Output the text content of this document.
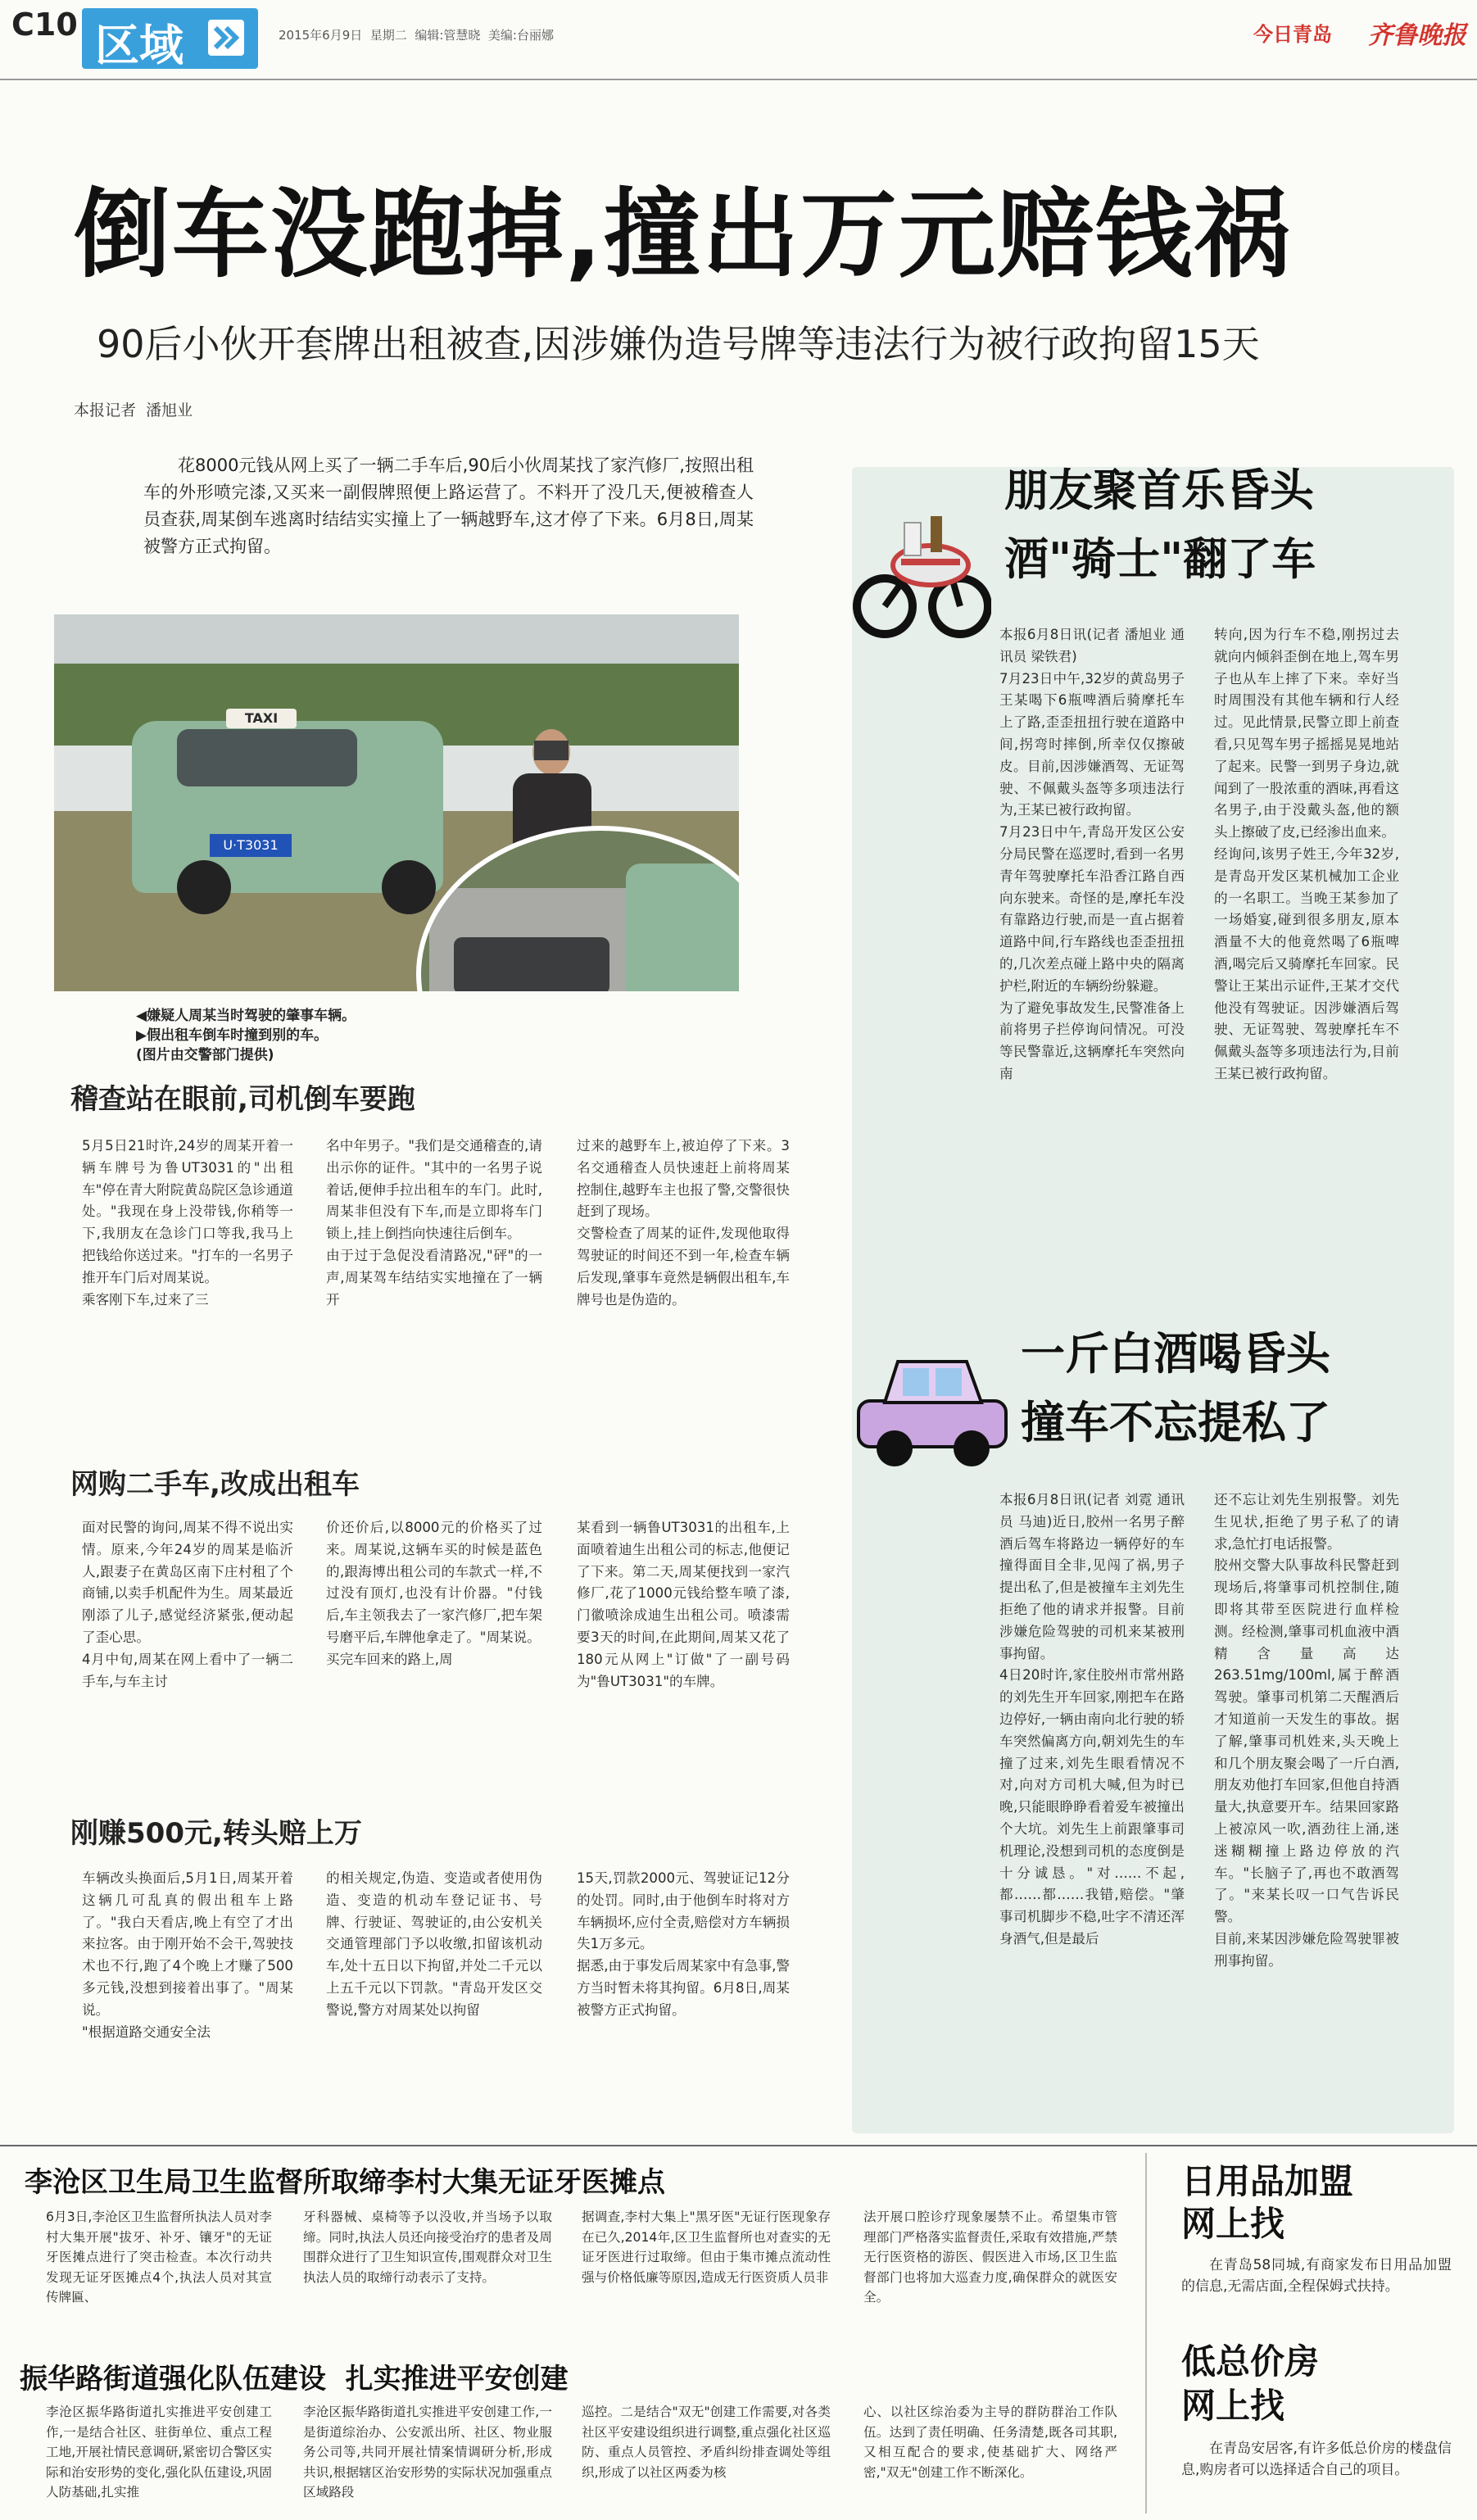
C10 区域	2015年6月9日  星期二  编辑:管慧晓  美编:台丽娜	今日青岛 齐鲁晚报
倒车没跑掉,撞出万元赔钱祸
90后小伙开套牌出租被查,因涉嫌伪造号牌等违法行为被行政拘留15天
本报记者  潘旭业

花8000元钱从网上买了一辆二手车后,90后小伙周某找了家汽修厂,按照出租车的外形喷完漆,又买来一副假牌照便上路运营了。不料开了没几天,便被稽查人员查获,周某倒车逃离时结结实实撞上了一辆越野车,这才停了下来。6月8日,周某被警方正式拘留。

TAXI
U·T3031
◀嫌疑人周某当时驾驶的肇事车辆。
▶假出租车倒车时撞到别的车。
(图片由交警部门提供)
稽查站在眼前,司机倒车要跑
5月5日21时许,24岁的周某开着一辆车牌号为鲁UT3031的"出租车"停在青大附院黄岛院区急诊通道处。"我现在身上没带钱,你稍等一下,我朋友在急诊门口等我,我马上把钱给你送过来。"打车的一名男子推开车门后对周某说。
乘客刚下车,过来了三
名中年男子。"我们是交通稽查的,请出示你的证件。"其中的一名男子说着话,便伸手拉出租车的车门。此时,周某非但没有下车,而是立即将车门锁上,挂上倒挡向快速往后倒车。
由于过于急促没看清路况,"砰"的一声,周某驾车结结实实地撞在了一辆开
过来的越野车上,被迫停了下来。3名交通稽查人员快速赶上前将周某控制住,越野车主也报了警,交警很快赶到了现场。
交警检查了周某的证件,发现他取得驾驶证的时间还不到一年,检查车辆后发现,肇事车竟然是辆假出租车,车牌号也是伪造的。
网购二手车,改成出租车
面对民警的询问,周某不得不说出实情。原来,今年24岁的周某是临沂人,跟妻子在黄岛区南下庄村租了个商铺,以卖手机配件为生。周某最近刚添了儿子,感觉经济紧张,便动起了歪心思。
4月中旬,周某在网上看中了一辆二手车,与车主讨
价还价后,以8000元的价格买了过来。周某说,这辆车买的时候是蓝色的,跟海博出租公司的车款式一样,不过没有顶灯,也没有计价器。"付钱后,车主领我去了一家汽修厂,把车架号磨平后,车牌他拿走了。"周某说。
买完车回来的路上,周
某看到一辆鲁UT3031的出租车,上面喷着迪生出租公司的标志,他便记了下来。第二天,周某便找到一家汽修厂,花了1000元钱给整车喷了漆,门徽喷涂成迪生出租公司。喷漆需要3天的时间,在此期间,周某又花了180元从网上"订做"了一副号码为"鲁UT3031"的车牌。
刚赚500元,转头赔上万
车辆改头换面后,5月1日,周某开着这辆几可乱真的假出租车上路了。"我白天看店,晚上有空了才出来拉客。由于刚开始不会干,驾驶技术也不行,跑了4个晚上才赚了500多元钱,没想到接着出事了。"周某说。
"根据道路交通安全法
的相关规定,伪造、变造或者使用伪造、变造的机动车登记证书、号牌、行驶证、驾驶证的,由公安机关交通管理部门予以收缴,扣留该机动车,处十五日以下拘留,并处二千元以上五千元以下罚款。"青岛开发区交警说,警方对周某处以拘留
15天,罚款2000元、驾驶证记12分的处罚。同时,由于他倒车时将对方车辆损坏,应付全责,赔偿对方车辆损失1万多元。
据悉,由于事发后周某家中有急事,警方当时暂未将其拘留。6月8日,周某被警方正式拘留。
朋友聚首乐昏头
酒"骑士"翻了车
本报6月8日讯(记者 潘旭业 通讯员 梁铁君)
7月23日中午,32岁的黄岛男子王某喝下6瓶啤酒后骑摩托车上了路,歪歪扭扭行驶在道路中间,拐弯时摔倒,所幸仅仅擦破皮。目前,因涉嫌酒驾、无证驾驶、不佩戴头盔等多项违法行为,王某已被行政拘留。
7月23日中午,青岛开发区公安分局民警在巡逻时,看到一名男青年驾驶摩托车沿香江路自西向东驶来。奇怪的是,摩托车没有靠路边行驶,而是一直占据着道路中间,行车路线也歪歪扭扭的,几次差点碰上路中央的隔离护栏,附近的车辆纷纷躲避。
为了避免事故发生,民警准备上前将男子拦停询问情况。可没等民警靠近,这辆摩托车突然向南
转向,因为行车不稳,刚拐过去就向内倾斜歪倒在地上,驾车男子也从车上摔了下来。幸好当时周围没有其他车辆和行人经过。见此情景,民警立即上前查看,只见驾车男子摇摇晃晃地站了起来。民警一到男子身边,就闻到了一股浓重的酒味,再看这名男子,由于没戴头盔,他的额头上擦破了皮,已经渗出血来。
经询问,该男子姓王,今年32岁,是青岛开发区某机械加工企业的一名职工。当晚王某参加了一场婚宴,碰到很多朋友,原本酒量不大的他竟然喝了6瓶啤酒,喝完后又骑摩托车回家。民警让王某出示证件,王某才交代他没有驾驶证。因涉嫌酒后驾驶、无证驾驶、驾驶摩托车不佩戴头盔等多项违法行为,目前王某已被行政拘留。
一斤白酒喝昏头
撞车不忘提私了
本报6月8日讯(记者 刘霓 通讯员 马迪)近日,胶州一名男子醉酒后驾车将路边一辆停好的车撞得面目全非,见闯了祸,男子提出私了,但是被撞车主刘先生拒绝了他的请求并报警。目前涉嫌危险驾驶的司机来某被刑事拘留。
4日20时许,家住胶州市常州路的刘先生开车回家,刚把车在路边停好,一辆由南向北行驶的轿车突然偏离方向,朝刘先生的车撞了过来,刘先生眼看情况不对,向对方司机大喊,但为时已晚,只能眼睁睁看着爱车被撞出个大坑。刘先生上前跟肇事司机理论,没想到司机的态度倒是十分诚恳。"对……不起,都……都……我错,赔偿。"肇事司机脚步不稳,吐字不清还浑身酒气,但是最后
还不忘让刘先生别报警。刘先生见状,拒绝了男子私了的请求,急忙打电话报警。
胶州交警大队事故科民警赶到现场后,将肇事司机控制住,随即将其带至医院进行血样检测。经检测,肇事司机血液中酒精含量高达263.51mg/100ml,属于醉酒驾驶。肇事司机第二天醒酒后才知道前一天发生的事故。据了解,肇事司机姓来,头天晚上和几个朋友聚会喝了一斤白酒,朋友劝他打车回家,但他自持酒量大,执意要开车。结果回家路上被凉风一吹,酒劲往上涌,迷迷糊糊撞上路边停放的汽车。"长脑子了,再也不敢酒驾了。"来某长叹一口气告诉民警。
目前,来某因涉嫌危险驾驶罪被刑事拘留。
李沧区卫生局卫生监督所取缔李村大集无证牙医摊点
6月3日,李沧区卫生监督所执法人员对李村大集开展"拔牙、补牙、镶牙"的无证牙医摊点进行了突击检查。本次行动共发现无证牙医摊点4个,执法人员对其宣传牌匾、
牙科器械、桌椅等予以没收,并当场予以取缔。同时,执法人员还向接受治疗的患者及周围群众进行了卫生知识宣传,围观群众对卫生执法人员的取缔行动表示了支持。
据调查,李村大集上"黑牙医"无证行医现象存在已久,2014年,区卫生监督所也对查实的无证牙医进行过取缔。但由于集市摊点流动性强与价格低廉等原因,造成无行医资质人员非
法开展口腔诊疗现象屡禁不止。希望集市管理部门严格落实监督责任,采取有效措施,严禁无行医资格的游医、假医进入市场,区卫生监督部门也将加大巡查力度,确保群众的就医安全。
振华路街道强化队伍建设  扎实推进平安创建
李沧区振华路街道扎实推进平安创建工作,一是结合社区、驻街单位、重点工程工地,开展社情民意调研,紧密切合警区实际和治安形势的变化,强化队伍建设,巩固人防基础,扎实推
李沧区振华路街道扎实推进平安创建工作,一是街道综治办、公安派出所、社区、物业服务公司等,共同开展社情案情调研分析,形成共识,根据辖区治安形势的实际状况加强重点区域路段
巡控。二是结合"双无"创建工作需要,对各类社区平安建设组织进行调整,重点强化社区巡防、重点人员管控、矛盾纠纷排查调处等组织,形成了以社区两委为核
心、以社区综治委为主导的群防群治工作队伍。达到了责任明确、任务清楚,既各司其职,又相互配合的要求,使基础扩大、网络严密,"双无"创建工作不断深化。
日用品加盟
网上找
在青岛58同城,有商家发布日用品加盟的信息,无需店面,全程保姆式扶持。
低总价房
网上找
在青岛安居客,有许多低总价房的楼盘信息,购房者可以选择适合自己的项目。
